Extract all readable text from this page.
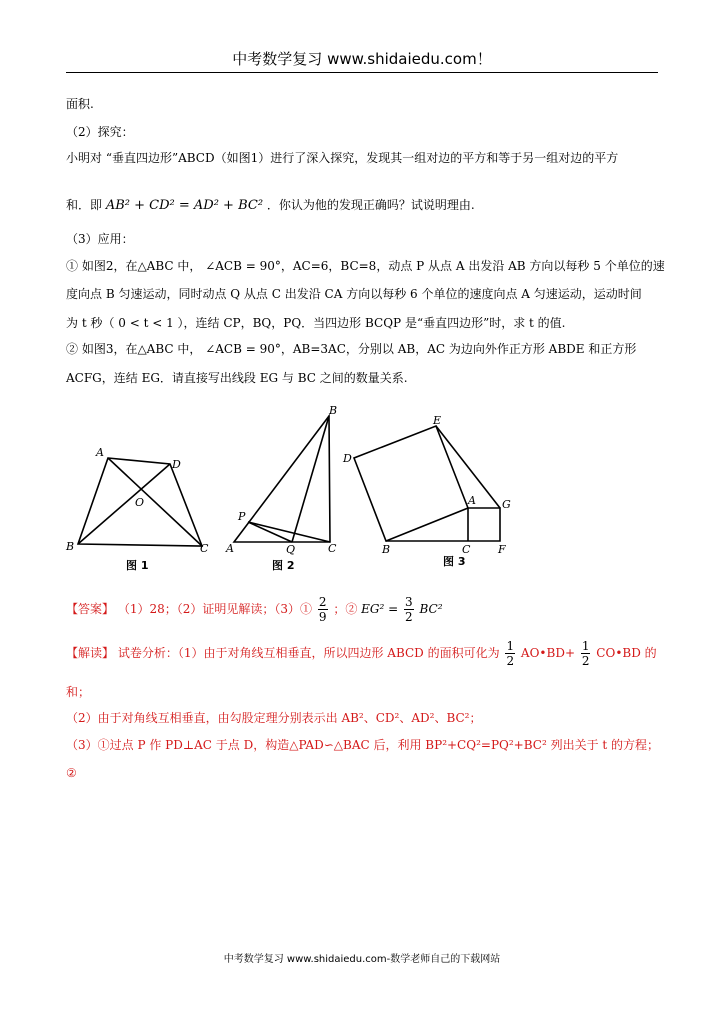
中考数学复习 www.shidaiedu.com！
面积.
（2）探究：
小明对 “垂直四边形”ABCD（如图1）进行了深入探究，发现其一组对边的平方和等于另一组对边的平方
和．即 AB² + CD² = AD² + BC² ．你认为他的发现正确吗？试说明理由.
（3）应用：
① 如图2，在△ABC 中， ∠ACB = 90°，AC=6，BC=8，动点 P 从点 A 出发沿 AB 方向以每秒 5 个单位的速
度向点 B 匀速运动，同时动点 Q 从点 C 出发沿 CA 方向以每秒 6 个单位的速度向点 A 匀速运动，运动时间
为 t 秒（ 0 < t < 1 ），连结 CP，BQ，PQ．当四边形 BCQP 是“垂直四边形”时，求 t 的值.
② 如图3，在△ABC 中， ∠ACB = 90°，AB=3AC，分别以 AB，AC 为边向外作正方形 ABDE 和正方形
ACFG，连结 EG．请直接写出线段 EG 与 BC 之间的数量关系.
A
D
O
B	C
图 1
B
P
A	Q	C
图 2
E
D
A G
B	C	F
图 3
【答案】 （1）28；（2）证明见解读；（3）① $\frac{2}{9}$ ；② $EG^2 = \frac{3}{2} BC^2$
【解读】 试卷分析：（1）由于对角线互相垂直，所以四边形 ABCD 的面积可化为 $\frac{1}{2}$ AO•BD+ $\frac{1}{2}$ CO•BD 的
和；
（2）由于对角线互相垂直，由勾股定理分别表示出 AB²、CD²、AD²、BC²；
（3）①过点 P 作 PD⊥AC 于点 D，构造△PAD∽△BAC 后，利用 BP²+CQ²=PQ²+BC² 列出关于 t 的方程；
②
中考数学复习 www.shidaiedu.com-数学老师自己的下载网站
